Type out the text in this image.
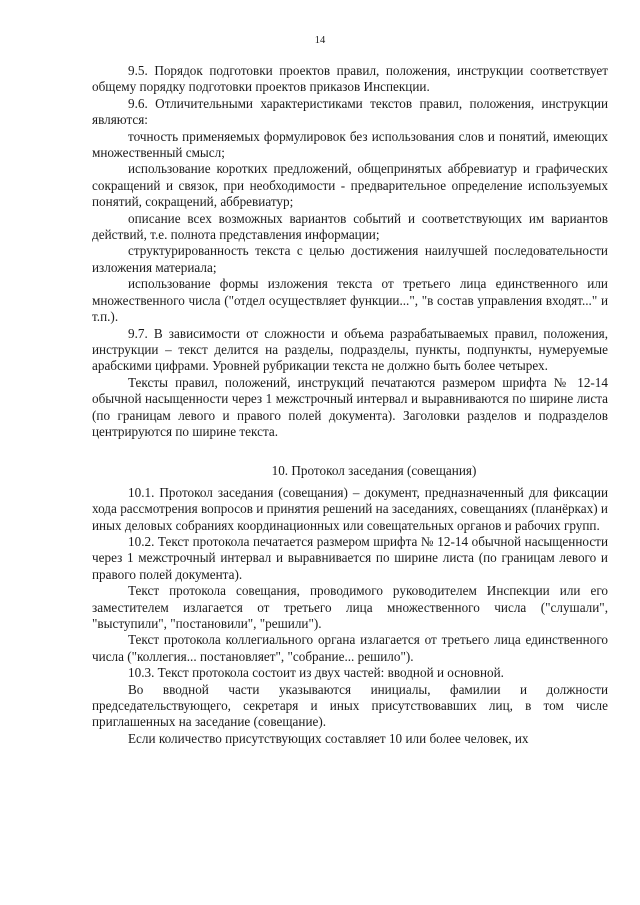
14

9.5. Порядок подготовки проектов правил, положения, инструкции соответствует общему порядку подготовки проектов приказов Инспекции.

9.6. Отличительными характеристиками текстов правил, положения, инструкции являются:

точность применяемых формулировок без использования слов и понятий, имеющих множественный смысл;

использование коротких предложений, общепринятых аббревиатур и графических сокращений и связок, при необходимости - предварительное определение используемых понятий, сокращений, аббревиатур;

описание всех возможных вариантов событий и соответствующих им вариантов действий, т.е. полнота представления информации;

структурированность текста с целью достижения наилучшей последовательности изложения материала;

использование формы изложения текста от третьего лица единственного или множественного числа ("отдел осуществляет функции...", "в состав управления входят..." и т.п.).

9.7. В зависимости от сложности и объема разрабатываемых правил, положения, инструкции – текст делится на разделы, подразделы, пункты, подпункты, нумеруемые арабскими цифрами. Уровней рубрикации текста не должно быть более четырех.

Тексты правил, положений, инструкций печатаются размером шрифта № 12-14 обычной насыщенности через 1 межстрочный интервал и выравниваются по ширине листа (по границам левого и правого полей документа). Заголовки разделов и подразделов центрируются по ширине текста.

10. Протокол заседания (совещания)

10.1. Протокол заседания (совещания) – документ, предназначенный для фиксации хода рассмотрения вопросов и принятия решений на заседаниях, совещаниях (планёрках) и иных деловых собраниях координационных или совещательных органов и рабочих групп.

10.2. Текст протокола печатается размером шрифта № 12-14 обычной насыщенности через 1 межстрочный интервал и выравнивается по ширине листа (по границам левого и правого полей документа).

Текст протокола совещания, проводимого руководителем Инспекции или его заместителем излагается от третьего лица множественного числа ("слушали", "выступили", "постановили", "решили").

Текст протокола коллегиального органа излагается от третьего лица единственного числа ("коллегия... постановляет", "собрание... решило").

10.3. Текст протокола состоит из двух частей: вводной и основной.

Во вводной части указываются инициалы, фамилии и должности председательствующего, секретаря и иных присутствовавших лиц, в том числе приглашенных на заседание (совещание).

Если количество присутствующих составляет 10 или более человек, их
